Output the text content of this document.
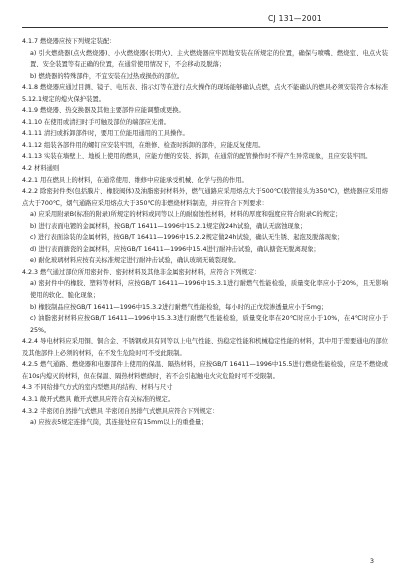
CJ 131—2001

4.1.7 燃烧器应按下列规定装配：

a) 引火燃烧器(点火燃烧器)、小火燃烧器(长明火)、主火燃烧器应牢固地安装在所规定的位置，确保与喷嘴、燃烧室、电点火装置、安全装置等有正确的位置，在通常使用情况下，不会移动及脱落；

b) 燃烧器的特殊部件，不宜安装在过热或损伤的部位。

4.1.8 燃烧器应通过目测、镜子、电压表、指示灯等在进行点火操作的现场能够确认点燃，点火不能确认的燃具必须安装符合本标准5.12.1规定的熄火保护装置。

4.1.9 燃烧器、热交换器及其他主要部件应能调整或更换。

4.1.10 在使用或清扫时手可触及部位的端部应光滑。

4.1.11 清扫或拆卸部件时，要用工位能用通用的工具操作。

4.1.12 组装各部件用的螺钉应安装牢固，在维修、检查时拆卸的部件，应能反复使用。

4.1.13 实装在墙壁上、地板上使用的燃具，应能方便的安装、拆卸，在通常的配管操作时不得产生异常现象，且应安装牢固。

4.2 材料通则

4.2.1 用在燃具上的材料，在通常使用、维修中应能承受机械、化学与热的作用。

4.2.2 除密封件类(包括膜片、橡胶阀体)及油脂密封材料外，燃气通路应采用熔点大于500℃(胶管接头为350℃)，燃烧器应采用熔点大于700℃，烟气通路应采用熔点大于350℃的非燃烧材料制造，并应符合下列要求：

a) 应采用附录B(标准的附录)所规定的材料或同等以上的耐腐蚀性材料，材料的厚度和强度应符合附录C的规定；

b) 进行表面电镀的金属材料，按GB/T 16411—1996中15.2.1规定做24h试验，确认无腐蚀现象；

c) 进行表面涂装的金属材料，按GB/T 16411—1996中15.2.2规定做24h试验，确认无生锈、起泡及脱落现象；

d) 进行表面搪瓷的金属材料，应按GB/T 16411—1996中15.4进行耐冲击试验，确认搪瓷无脱离现象；

e) 耐化玻璃材料应按有关标准规定进行耐冲击试验，确认玻璃无破裂现象。

4.2.3 燃气通过部位所用密封件、密封材料及其他非金属密封材料，应符合下列规定：

a) 密封件中的橡胶、塑料等材料，应按GB/T 16411—1996中15.3.1进行耐燃气性能检验，质量变化率应小于20%，且无影响使用的软化、脆化现象；

b) 橡胶制品应按GB/T 16411—1996中15.3.2进行耐燃气性能检验，每小时的正戊烷渗透量应小于5mg；

c) 油脂密封材料应按GB/T 16411—1996中15.3.3进行耐燃气性能检验，质量变化率在20℃时应小于10%，在4℃时应小于25%。

4.2.4 导电材料应采用铜、铜合金、不锈钢或具有同等以上电气性能、热稳定性能和机械稳定性能的材料，其中用于需要通电的部位及其他部件上必须的材料，在不发生危险时可不受此限制。

4.2.5 燃气通路、燃烧器和电器部件上使用的保温、隔热材料，应按GB/T 16411—1996中15.5进行燃烧性能检验，应是不燃烧或在10s内熄灭的材料，但在保温、隔热材料燃烧时，若不会引起触电火灾危险时可不受限制。

4.3 不同给排气方式的室内型燃具的结构、材料与尺寸

4.3.1 敞开式燃具 敞开式燃具应符合有关标准的规定。

4.3.2 半密闭自然排气式燃具 半密闭自然排气式燃具应符合下列规定：

a) 应按表5规定连排气筒，其连接处应有15mm以上的重叠量；

3
